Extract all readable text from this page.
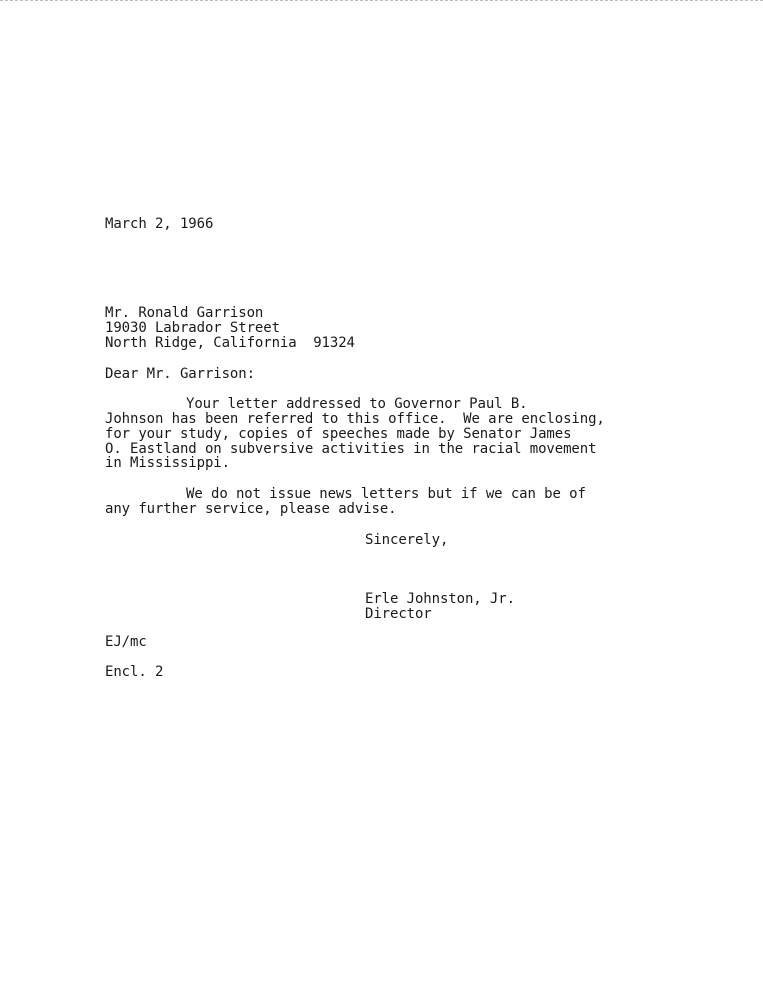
March 2, 1966
Mr. Ronald Garrison
19030 Labrador Street
North Ridge, California  91324
Dear Mr. Garrison:
Your letter addressed to Governor Paul B.
Johnson has been referred to this office.  We are enclosing,
for your study, copies of speeches made by Senator James
O. Eastland on subversive activities in the racial movement
in Mississippi.
We do not issue news letters but if we can be of
any further service, please advise.
Sincerely,
Erle Johnston, Jr.
Director
EJ/mc
Encl. 2
